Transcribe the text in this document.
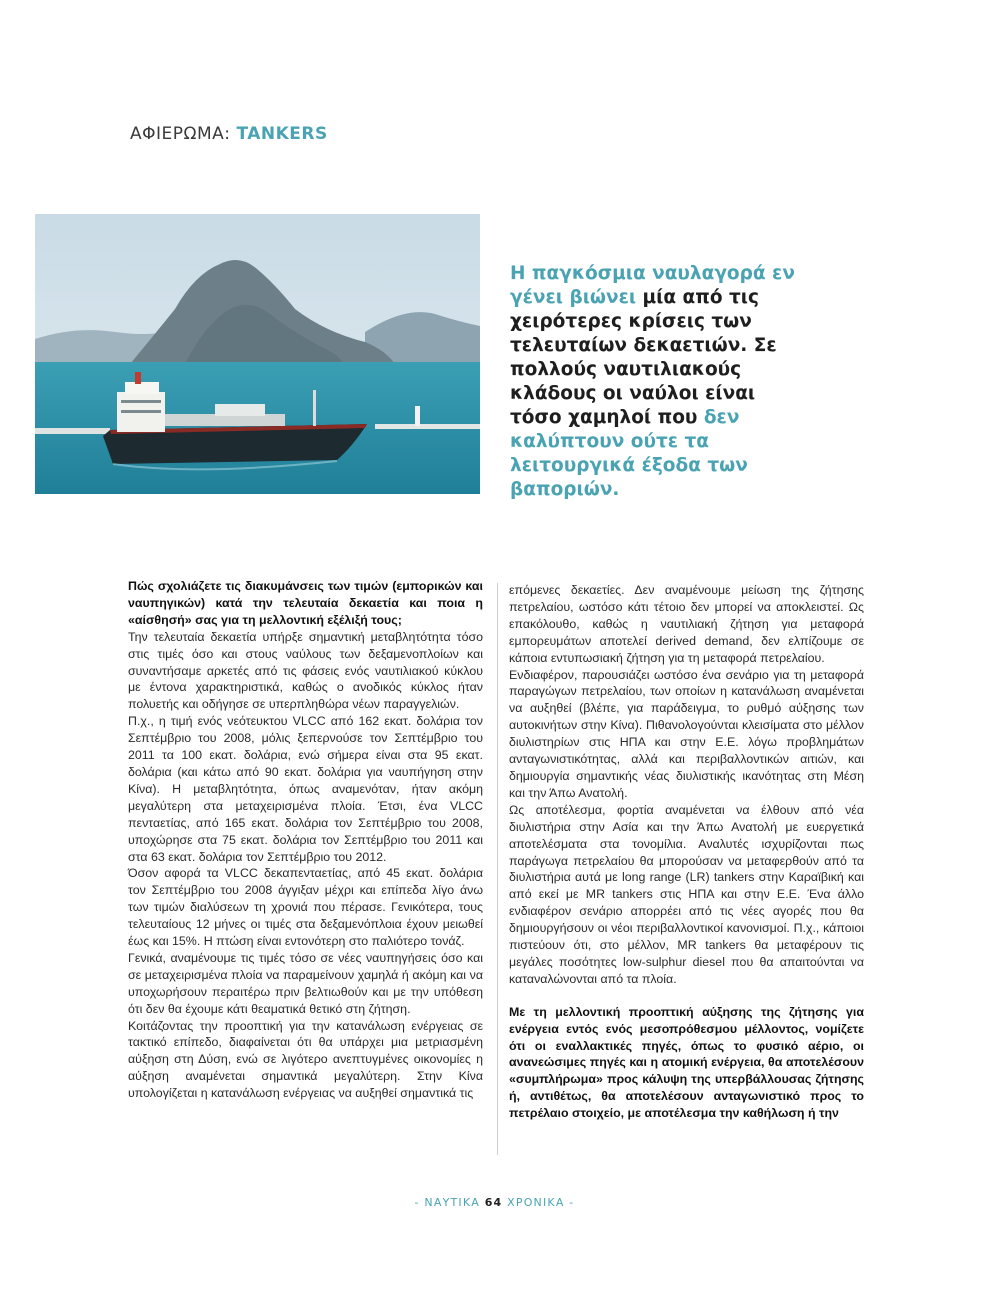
ΑΦΙΕΡΩΜΑ: TANKERS
Η παγκόσμια ναυλαγορά εν γένει βιώνει μία από τις χειρότερες κρίσεις των τελευταίων δεκαετιών. Σε πολλούς ναυτιλιακούς κλάδους οι ναύλοι είναι τόσο χαμηλοί που δεν καλύπτουν ούτε τα λειτουργικά έξοδα των βαποριών.

Πώς σχολιάζετε τις διακυμάνσεις των τιμών (εμπορικών και ναυπηγικών) κατά την τελευταία δεκαετία και ποια η «αίσθησή» σας για τη μελλοντική εξέλιξή τους;

Την τελευταία δεκαετία υπήρξε σημαντική μεταβλητότητα τόσο στις τιμές όσο και στους ναύλους των δεξαμενοπλοίων και συναντήσαμε αρκετές από τις φάσεις ενός ναυτιλιακού κύκλου με έντονα χαρακτηριστικά, καθώς ο ανοδικός κύκλος ήταν πολυετής και οδήγησε σε υπερπληθώρα νέων παραγγελιών.

Π.χ., η τιμή ενός νεότευκτου VLCC από 162 εκατ. δολάρια τον Σεπτέμβριο του 2008, μόλις ξεπερνούσε τον Σεπτέμβριο του 2011 τα 100 εκατ. δολάρια, ενώ σήμερα είναι στα 95 εκατ. δολάρια (και κάτω από 90 εκατ. δολάρια για ναυπήγηση στην Κίνα). Η μεταβλητότητα, όπως αναμενόταν, ήταν ακόμη μεγαλύτερη στα μεταχειρισμένα πλοία. Έτσι, ένα VLCC πενταετίας, από 165 εκατ. δολάρια τον Σεπτέμβριο του 2008, υποχώρησε στα 75 εκατ. δολάρια τον Σεπτέμβριο του 2011 και στα 63 εκατ. δολάρια τον Σεπτέμβριο του 2012.

Όσον αφορά τα VLCC δεκαπενταετίας, από 45 εκατ. δολάρια τον Σεπτέμβριο του 2008 άγγιξαν μέχρι και επίπεδα λίγο άνω των τιμών διαλύσεων τη χρονιά που πέρασε. Γενικότερα, τους τελευταίους 12 μήνες οι τιμές στα δεξαμενόπλοια έχουν μειωθεί έως και 15%. Η πτώση είναι εντονότερη στο παλιότερο τονάζ.

Γενικά, αναμένουμε τις τιμές τόσο σε νέες ναυπηγήσεις όσο και σε μεταχειρισμένα πλοία να παραμείνουν χαμηλά ή ακόμη και να υποχωρήσουν περαιτέρω πριν βελτιωθούν και με την υπόθεση ότι δεν θα έχουμε κάτι θεαματικά θετικό στη ζήτηση.

Κοιτάζοντας την προοπτική για την κατανάλωση ενέργειας σε τακτικό επίπεδο, διαφαίνεται ότι θα υπάρχει μια μετριασμένη αύξηση στη Δύση, ενώ σε λιγότερο ανεπτυγμένες οικονομίες η αύξηση αναμένεται σημαντικά μεγαλύτερη. Στην Κίνα υπολογίζεται η κατανάλωση ενέργειας να αυξηθεί σημαντικά τις

επόμενες δεκαετίες. Δεν αναμένουμε μείωση της ζήτησης πετρελαίου, ωστόσο κάτι τέτοιο δεν μπορεί να αποκλειστεί. Ως επακόλουθο, καθώς η ναυτιλιακή ζήτηση για μεταφορά εμπορευμάτων αποτελεί derived demand, δεν ελπίζουμε σε κάποια εντυπωσιακή ζήτηση για τη μεταφορά πετρελαίου.

Ενδιαφέρον, παρουσιάζει ωστόσο ένα σενάριο για τη μεταφορά παραγώγων πετρελαίου, των οποίων η κατανάλωση αναμένεται να αυξηθεί (βλέπε, για παράδειγμα, το ρυθμό αύξησης των αυτοκινήτων στην Κίνα). Πιθανολογούνται κλεισίματα στο μέλλον διυλιστηρίων στις ΗΠΑ και στην Ε.Ε. λόγω προβλημάτων ανταγωνιστικότητας, αλλά και περιβαλλοντικών αιτιών, και δημιουργία σημαντικής νέας διυλιστικής ικανότητας στη Μέση και την Άπω Ανατολή.

Ως αποτέλεσμα, φορτία αναμένεται να έλθουν από νέα διυλιστήρια στην Ασία και την Άπω Ανατολή με ευεργετικά αποτελέσματα στα τονομίλια. Αναλυτές ισχυρίζονται πως παράγωγα πετρελαίου θα μπορούσαν να μεταφερθούν από τα διυλιστήρια αυτά με long range (LR) tankers στην Καραϊβική και από εκεί με MR tankers στις ΗΠΑ και στην Ε.Ε. Ένα άλλο ενδιαφέρον σενάριο απορρέει από τις νέες αγορές που θα δημιουργήσουν οι νέοι περιβαλλοντικοί κανονισμοί. Π.χ., κάποιοι πιστεύουν ότι, στο μέλλον, MR tankers θα μεταφέρουν τις μεγάλες ποσότητες low-sulphur diesel που θα απαιτούνται να καταναλώνονται από τα πλοία.

Με τη μελλοντική προοπτική αύξησης της ζήτησης για ενέργεια εντός ενός μεσοπρόθεσμου μέλλοντος, νομίζετε ότι οι εναλλακτικές πηγές, όπως το φυσικό αέριο, οι ανανεώσιμες πηγές και η ατομική ενέργεια, θα αποτελέσουν «συμπλήρωμα» προς κάλυψη της υπερβάλλουσας ζήτησης ή, αντιθέτως, θα αποτελέσουν ανταγωνιστικό προς το πετρέλαιο στοιχείο, με αποτέλεσμα την καθήλωση ή την

- ΝΑΥΤΙΚΑ 64 ΧΡΟΝΙΚΑ -
